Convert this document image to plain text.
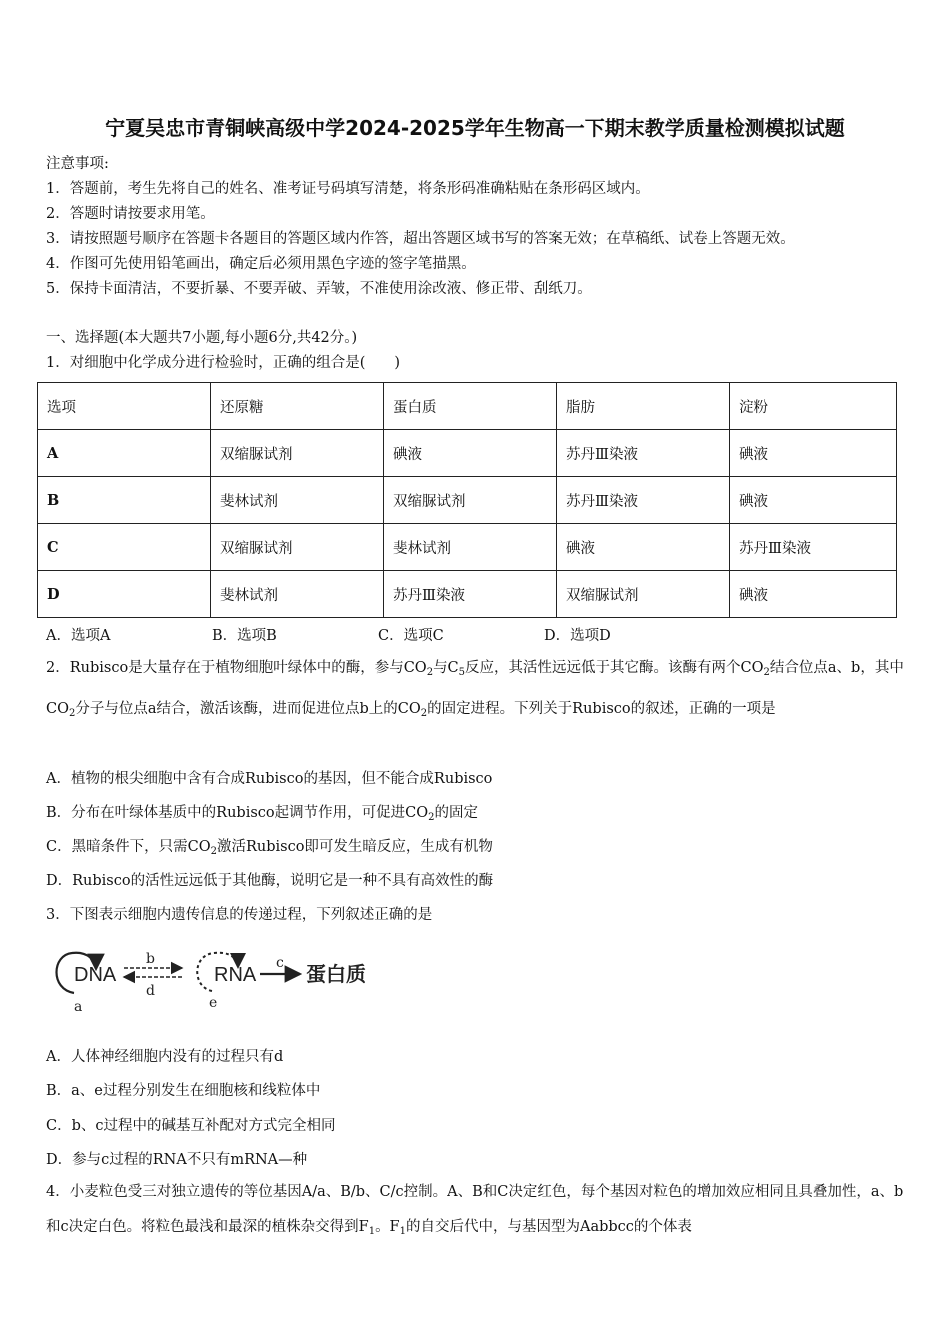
宁夏吴忠市青铜峡高级中学2024-2025学年生物高一下期末教学质量检测模拟试题
注意事项:
1．答题前，考生先将自己的姓名、准考证号码填写清楚，将条形码准确粘贴在条形码区域内。
2．答题时请按要求用笔。
3．请按照题号顺序在答题卡各题目的答题区域内作答，超出答题区域书写的答案无效；在草稿纸、试卷上答题无效。
4．作图可先使用铅笔画出，确定后必须用黑色字迹的签字笔描黑。
5．保持卡面清洁，不要折暴、不要弄破、弄皱，不准使用涂改液、修正带、刮纸刀。
一、选择题(本大题共7小题,每小题6分,共42分。)
1．对细胞中化学成分进行检验时，正确的组合是(　　)
选项	还原糖	蛋白质	脂肪	淀粉
A	双缩脲试剂	碘液	苏丹Ⅲ染液	碘液
B	斐林试剂	双缩脲试剂	苏丹Ⅲ染液	碘液
C	双缩脲试剂	斐林试剂	碘液	苏丹Ⅲ染液
D	斐林试剂	苏丹Ⅲ染液	双缩脲试剂	碘液
A．选项A	B．选项B	C．选项C	D．选项D
2．Rubisco是大量存在于植物细胞叶绿体中的酶，参与$CO_2$与$C_5$反应，其活性远远低于其它酶。该酶有两个$CO_2$结合位点a、b，其中$CO_2$分子与位点a结合，激活该酶，进而促进位点b上的$CO_2$的固定进程。下列关于Rubisco的叙述，正确的一项是
A．植物的根尖细胞中含有合成Rubisco的基因，但不能合成Rubisco
B．分布在叶绿体基质中的Rubisco起调节作用，可促进$CO_2$的固定
C．黑暗条件下，只需$CO_2$激活Rubisco即可发生暗反应，生成有机物
D．Rubisco的活性远远低于其他酶，说明它是一种不具有高效性的酶
3．下图表示细胞内遗传信息的传递过程，下列叙述正确的是
DNA
a
b
d
RNA
e
c 蛋白质
A．人体神经细胞内没有的过程只有d
B．a、e过程分别发生在细胞核和线粒体中
C．b、c过程中的碱基互补配对方式完全相同
D．参与c过程的RNA不只有mRNA—种
4．小麦粒色受三对独立遗传的等位基因A/a、B/b、C/c控制。A、B和C决定红色，每个基因对粒色的增加效应相同且具叠加性，a、b和c决定白色。将粒色最浅和最深的植株杂交得到$F_1$。$F_1$的自交后代中，与基因型为Aabbcc的个体表
